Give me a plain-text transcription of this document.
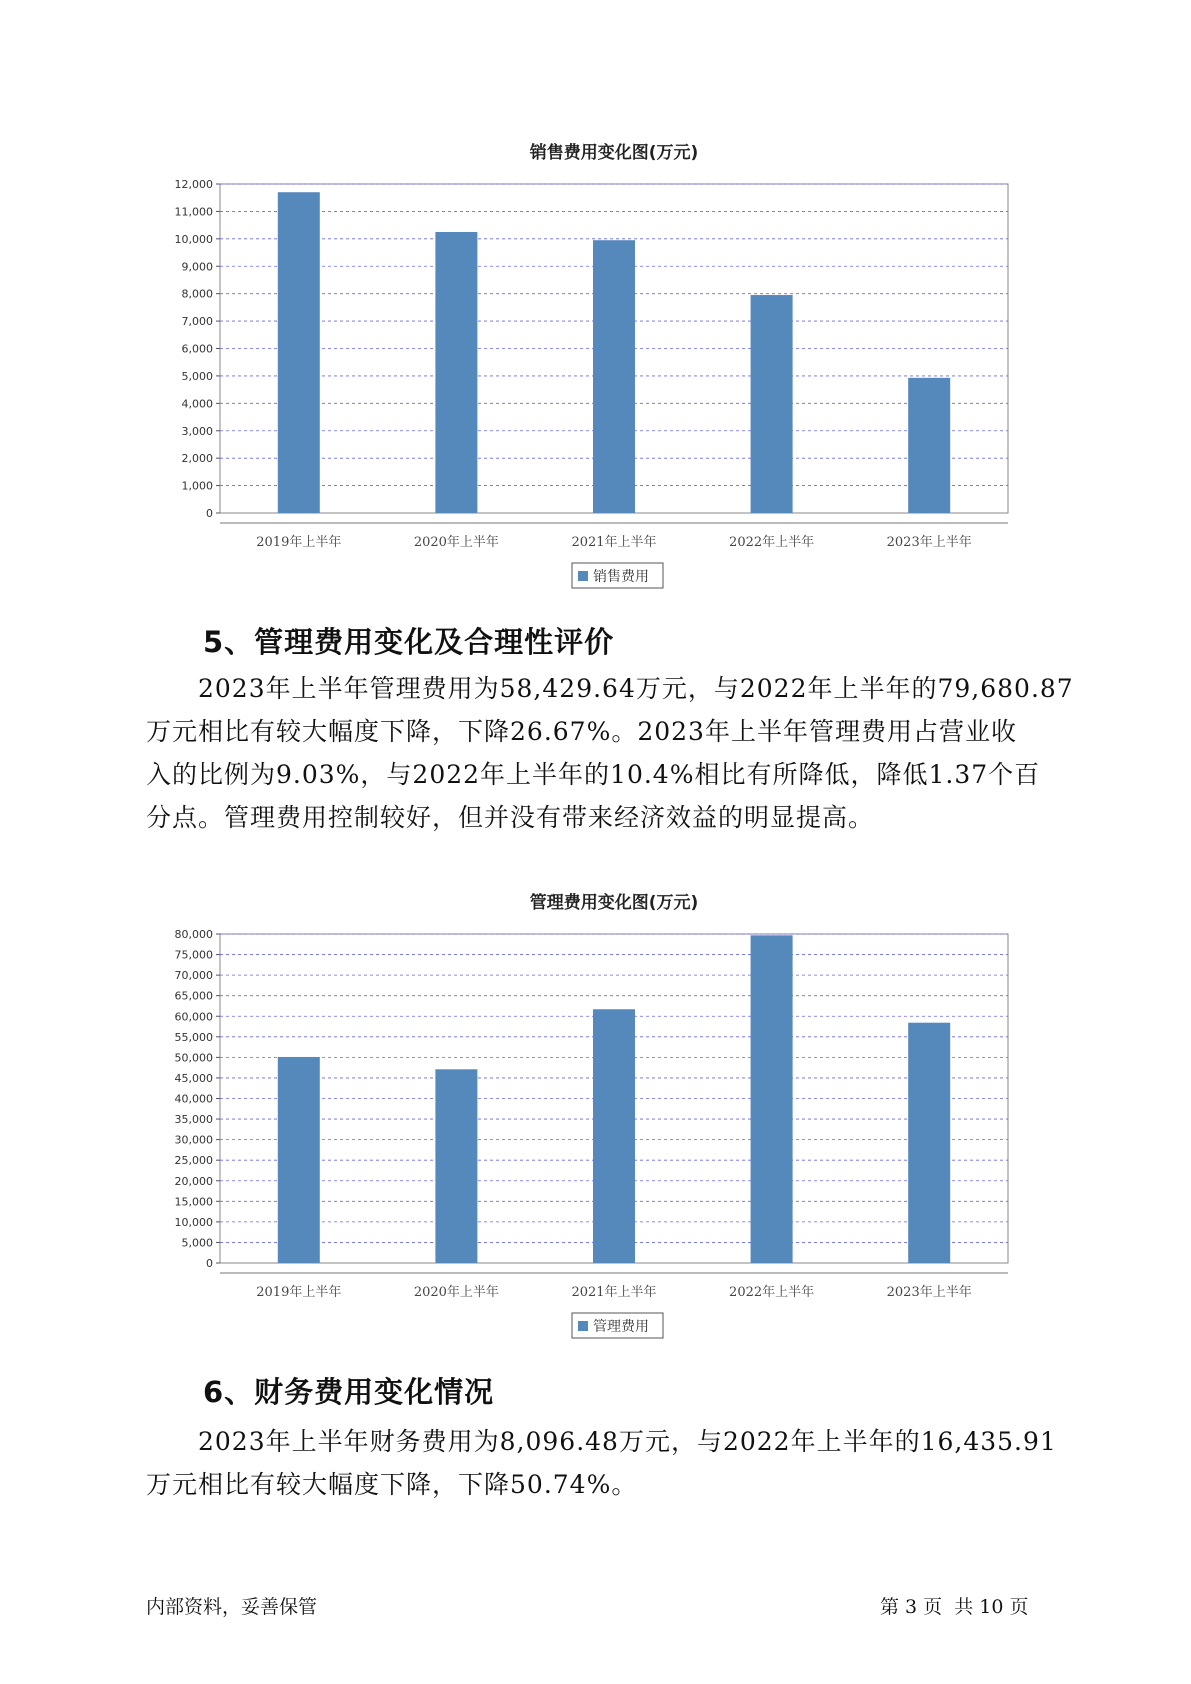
销售费用变化图(万元)
0
1,000
2,000
3,000
4,000
5,000
6,000
7,000
8,000
9,000
10,000
11,000
12,000
2019年上半年	2020年上半年	2021年上半年	2022年上半年	2023年上半年
销售费用
5、管理费用变化及合理性评价
2023年上半年管理费用为58,429.64万元，与2022年上半年的79,680.87
万元相比有较大幅度下降，下降26.67%。2023年上半年管理费用占营业收
入的比例为9.03%，与2022年上半年的10.4%相比有所降低，降低1.37个百
分点。管理费用控制较好，但并没有带来经济效益的明显提高。
管理费用变化图(万元)
0
5,000
10,000
15,000
20,000
25,000
30,000
35,000
40,000
45,000
50,000
55,000
60,000
65,000
70,000
75,000
80,000
2019年上半年	2020年上半年	2021年上半年	2022年上半年	2023年上半年
管理费用
6、财务费用变化情况
2023年上半年财务费用为8,096.48万元，与2022年上半年的16,435.91
万元相比有较大幅度下降，下降50.74%。
内部资料，妥善保管	第 3 页  共 10 页
